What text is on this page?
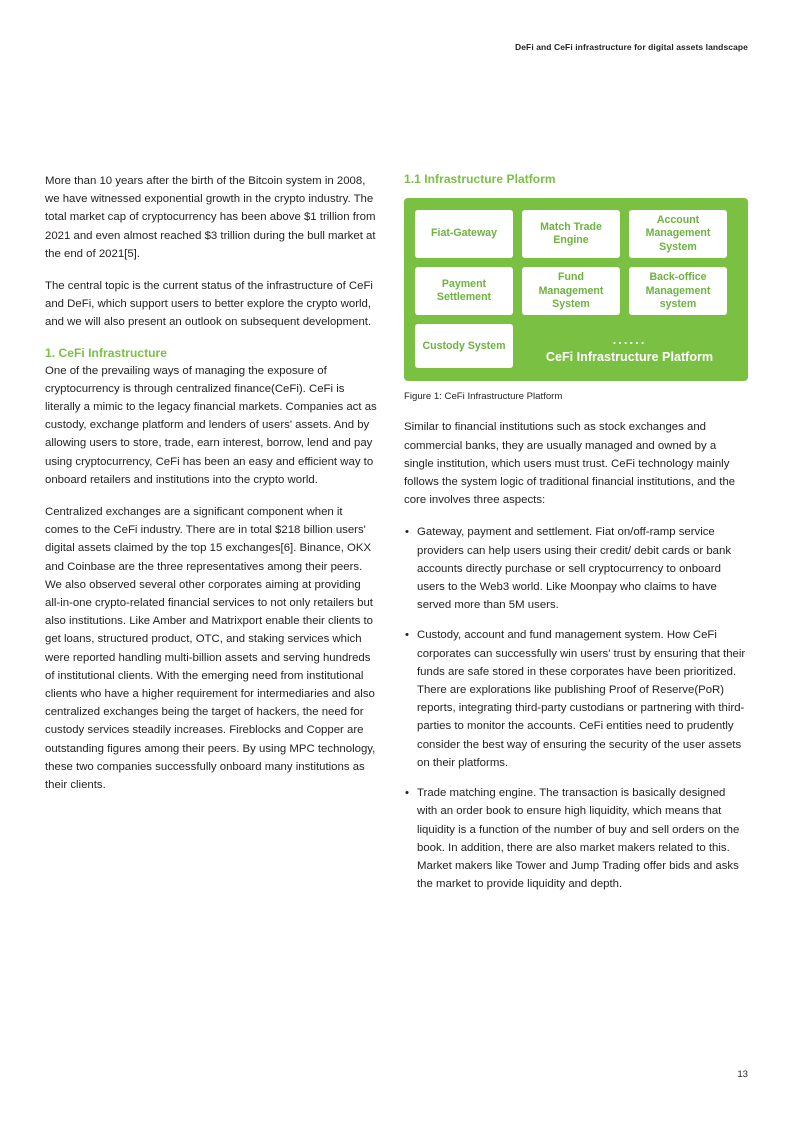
DeFi and CeFi infrastructure for digital assets landscape

More than 10 years after the birth of the Bitcoin system in 2008, we have witnessed exponential growth in the crypto industry. The total market cap of cryptocurrency has been above $1 trillion from 2021 and even almost reached $3 trillion during the bull market at the end of 2021[5].

The central topic is the current status of the infrastructure of CeFi and DeFi, which support users to better explore the crypto world, and we will also present an outlook on subsequent development.

1. CeFi Infrastructure

One of the prevailing ways of managing the exposure of cryptocurrency is through centralized finance(CeFi). CeFi is literally a mimic to the legacy financial markets. Companies act as custody, exchange platform and lenders of users' assets. And by allowing users to store, trade, earn interest, borrow, lend and pay using cryptocurrency, CeFi has been an easy and efficient way to onboard retailers and institutions into the crypto world.

Centralized exchanges are a significant component when it comes to the CeFi industry. There are in total $218 billion users' digital assets claimed by the top 15 exchanges[6]. Binance, OKX and Coinbase are the three representatives among their peers. We also observed several other corporates aiming at providing all-in-one crypto-related financial services to not only retailers but also institutions. Like Amber and Matrixport enable their clients to get loans, structured product, OTC, and staking services which were reported handling multi-billion assets and serving hundreds of institutional clients. With the emerging need from institutional clients who have a higher requirement for intermediaries and also centralized exchanges being the target of hackers, the need for custody services steadily increases. Fireblocks and Copper are outstanding figures among their peers. By using MPC technology, these two companies successfully onboard many institutions as their clients.

1.1 Infrastructure Platform
Fiat-Gateway
Match Trade Engine
Account Management System
Payment Settlement
Fund Management System
Back-office Management system
Custody System	......
CeFi Infrastructure Platform

Figure 1: CeFi Infrastructure Platform

Similar to financial institutions such as stock exchanges and commercial banks, they are usually managed and owned by a single institution, which users must trust. CeFi technology mainly follows the system logic of traditional financial institutions, and the core involves three aspects:

• Gateway, payment and settlement. Fiat on/off-ramp service providers can help users using their credit/ debit cards or bank accounts directly purchase or sell cryptocurrency to onboard users to the Web3 world. Like Moonpay who claims to have served more than 5M users.
• Custody, account and fund management system. How CeFi corporates can successfully win users' trust by ensuring that their funds are safe stored in these corporates have been prioritized. There are explorations like publishing Proof of Reserve(PoR) reports, integrating third-party custodians or partnering with third-parties to monitor the accounts. CeFi entities need to prudently consider the best way of ensuring the security of the user assets on their platforms.
• Trade matching engine. The transaction is basically designed with an order book to ensure high liquidity, which means that liquidity is a function of the number of buy and sell orders on the book. In addition, there are also market makers related to this. Market makers like Tower and Jump Trading offer bids and asks the market to provide liquidity and depth.
13
